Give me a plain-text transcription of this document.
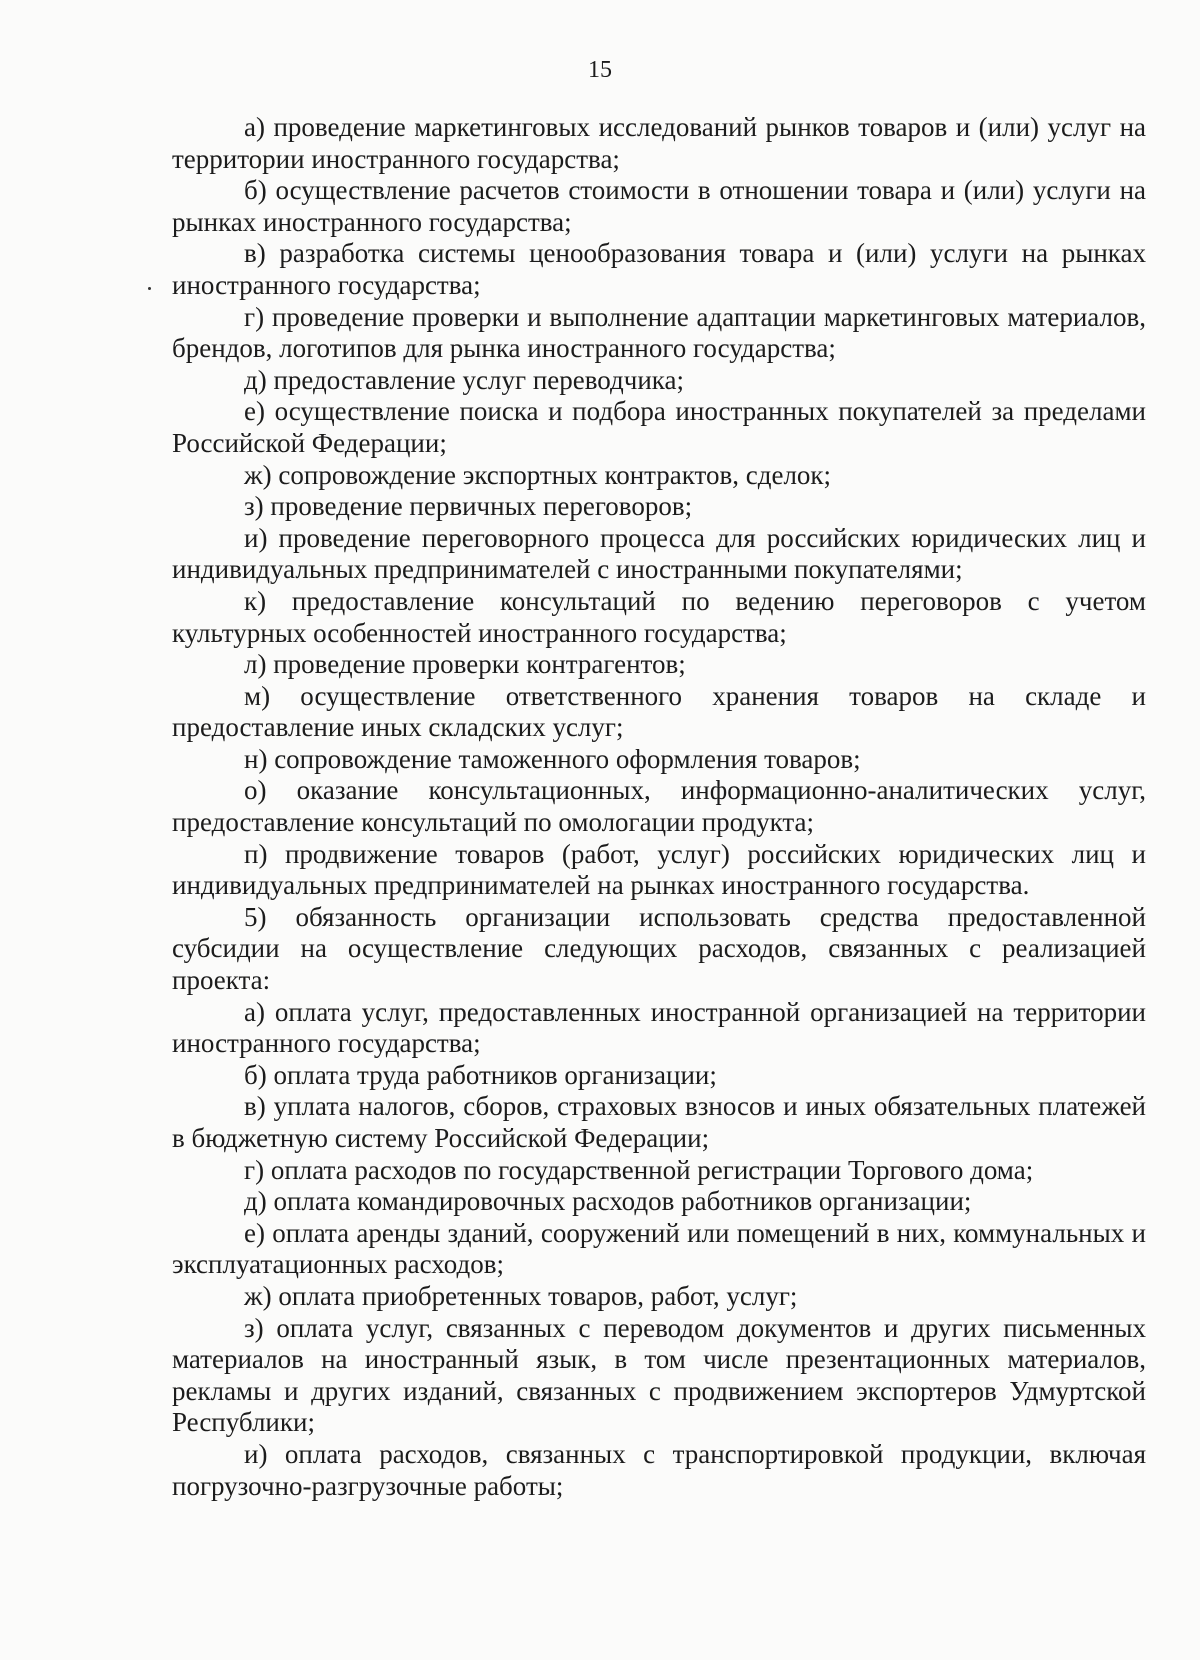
15

а) проведение маркетинговых исследований рынков товаров и (или) услуг на территории иностранного государства;

б) осуществление расчетов стоимости в отношении товара и (или) услуги на рынках иностранного государства;

в) разработка системы ценообразования товара и (или) услуги на рынках иностранного государства;

г) проведение проверки и выполнение адаптации маркетинговых материалов, брендов, логотипов для рынка иностранного государства;

д) предоставление услуг переводчика;

е) осуществление поиска и подбора иностранных покупателей за пределами Российской Федерации;

ж) сопровождение экспортных контрактов, сделок;

з) проведение первичных переговоров;

и) проведение переговорного процесса для российских юридических лиц и индивидуальных предпринимателей с иностранными покупателями;

к) предоставление консультаций по ведению переговоров с учетом культурных особенностей иностранного государства;

л) проведение проверки контрагентов;

м) осуществление ответственного хранения товаров на складе и предоставление иных складских услуг;

н) сопровождение таможенного оформления товаров;

о) оказание консультационных, информационно-аналитических услуг, предоставление консультаций по омологации продукта;

п) продвижение товаров (работ, услуг) российских юридических лиц и индивидуальных предпринимателей на рынках иностранного государства.

5) обязанность организации использовать средства предоставленной субсидии на осуществление следующих расходов, связанных с реализацией проекта:

а) оплата услуг, предоставленных иностранной организацией на территории иностранного государства;

б) оплата труда работников организации;

в) уплата налогов, сборов, страховых взносов и иных обязательных платежей в бюджетную систему Российской Федерации;

г) оплата расходов по государственной регистрации Торгового дома;

д) оплата командировочных расходов работников организации;

е) оплата аренды зданий, сооружений или помещений в них, коммунальных и эксплуатационных расходов;

ж) оплата приобретенных товаров, работ, услуг;

з) оплата услуг, связанных с переводом документов и других письменных материалов на иностранный язык, в том числе презентационных материалов, рекламы и других изданий, связанных с продвижением экспортеров Удмуртской Республики;

и) оплата расходов, связанных с транспортировкой продукции, включая погрузочно-разгрузочные работы;
